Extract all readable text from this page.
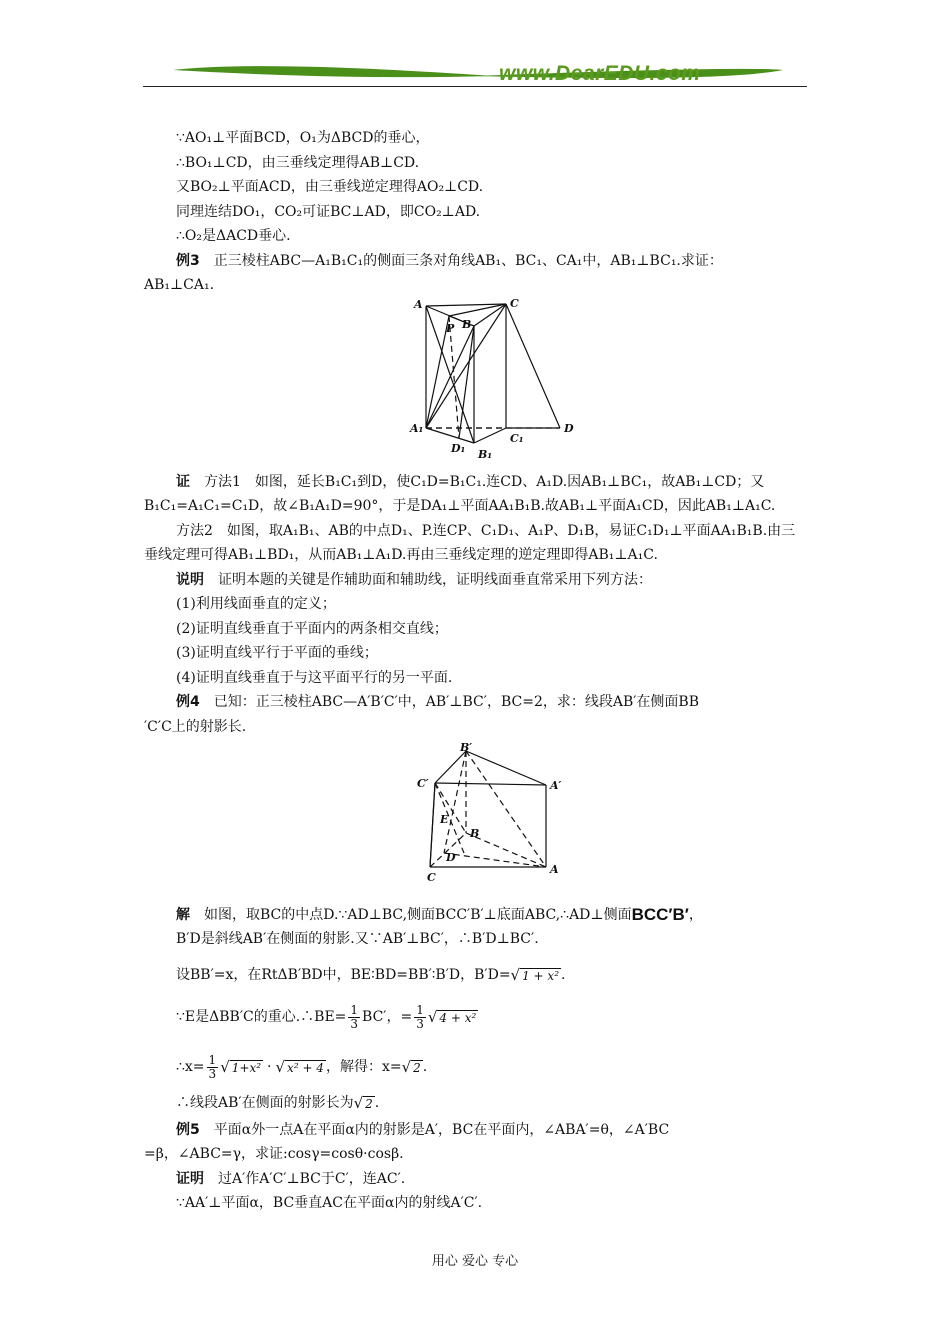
www.DearEDU.com
∵AO₁⊥平面BCD，O₁为ΔBCD的垂心，
∴BO₁⊥CD，由三垂线定理得AB⊥CD.
又BO₂⊥平面ACD，由三垂线逆定理得AO₂⊥CD.
同理连结DO₁，CO₂可证BC⊥AD，即CO₂⊥AD.
∴O₂是ΔACD垂心.
例3　正三棱柱ABC—A₁B₁C₁的侧面三条对角线AB₁、BC₁、CA₁中，AB₁⊥BC₁.求证：
AB₁⊥CA₁.
A	C
P B
D
A₁
D₁ B₁
C₁
证　方法1　如图，延长B₁C₁到D，使C₁D=B₁C₁.连CD、A₁D.因AB₁⊥BC₁，故AB₁⊥CD；又
B₁C₁=A₁C₁=C₁D，故∠B₁A₁D=90°，于是DA₁⊥平面AA₁B₁B.故AB₁⊥平面A₁CD，因此AB₁⊥A₁C.
方法2　如图，取A₁B₁、AB的中点D₁、P.连CP、C₁D₁、A₁P、D₁B，易证C₁D₁⊥平面AA₁B₁B.由三
垂线定理可得AB₁⊥BD₁，从而AB₁⊥A₁D.再由三垂线定理的逆定理即得AB₁⊥A₁C.
说明　证明本题的关键是作辅助面和辅助线，证明线面垂直常采用下列方法：
(1)利用线面垂直的定义；
(2)证明直线垂直于平面内的两条相交直线；
(3)证明直线平行于平面的垂线；
(4)证明直线垂直于与这平面平行的另一平面.
例4　已知：正三棱柱ABC—A′B′C′中，AB′⊥BC′，BC=2，求：线段AB′在侧面BB
′C′C上的射影长.
B′
C′	A′
E
B
D
C
A
解 　如图，取BC的中点D.∵AD⊥BC,侧面BCC′B′⊥底面ABC,∴AD⊥侧面 BCC′B′ ，
B′D是斜线AB′在侧面的射影.又∵AB′⊥BC′，∴B′D⊥BC′.
设BB′=x，在RtΔB′BD中，BE∶BD=BB′∶B′D，B′D= √ 1 + x² .
∵E是ΔBB′C的重心.∴BE= $\frac{1}{3} BC'$，= $\frac{1}{3}$ √ 4 + x²
∴x= $\frac{1}{3}$ √ 1+x² · √ x² + 4 ，解得：x= √ 2 .
∴线段AB′在侧面的射影长为 √ 2 .
例5　平面α外一点A在平面α内的射影是A′，BC在平面内，∠ABA′=θ，∠A′BC
=β，∠ABC=γ，求证:cosγ=cosθ·cosβ.
证明　过A′作A′C′⊥BC于C′，连AC′.
∵AA′⊥平面α，BC垂直AC在平面α内的射线A′C′.
用心 爱心 专心
